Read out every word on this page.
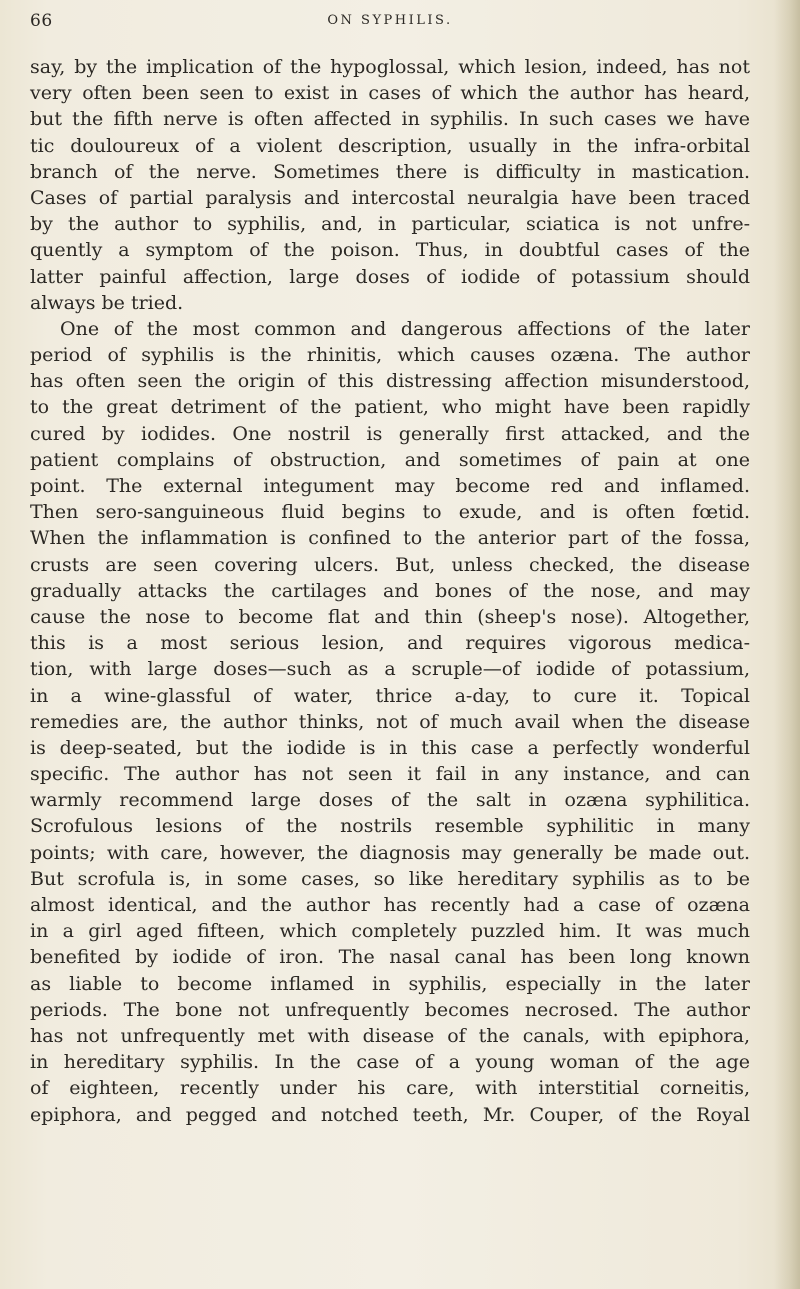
66	ON SYPHILIS.
say, by the implication of the hypoglossal, which lesion, indeed, has not
very often been seen to exist in cases of which the author has heard,
but the fifth nerve is often affected in syphilis. In such cases we have
tic douloureux of a violent description, usually in the infra-orbital
branch of the nerve. Sometimes there is difficulty in mastication.
Cases of partial paralysis and intercostal neuralgia have been traced
by the author to syphilis, and, in particular, sciatica is not unfre-
quently a symptom of the poison. Thus, in doubtful cases of the
latter painful affection, large doses of iodide of potassium should
always be tried.
One of the most common and dangerous affections of the later
period of syphilis is the rhinitis, which causes ozæna. The author
has often seen the origin of this distressing affection misunderstood,
to the great detriment of the patient, who might have been rapidly
cured by iodides. One nostril is generally first attacked, and the
patient complains of obstruction, and sometimes of pain at one
point. The external integument may become red and inflamed.
Then sero-sanguineous fluid begins to exude, and is often fœtid.
When the inflammation is confined to the anterior part of the fossa,
crusts are seen covering ulcers. But, unless checked, the disease
gradually attacks the cartilages and bones of the nose, and may
cause the nose to become flat and thin (sheep's nose). Altogether,
this is a most serious lesion, and requires vigorous medica-
tion, with large doses—such as a scruple—of iodide of potassium,
in a wine-glassful of water, thrice a-day, to cure it. Topical
remedies are, the author thinks, not of much avail when the disease
is deep-seated, but the iodide is in this case a perfectly wonderful
specific. The author has not seen it fail in any instance, and can
warmly recommend large doses of the salt in ozæna syphilitica.
Scrofulous lesions of the nostrils resemble syphilitic in many
points; with care, however, the diagnosis may generally be made out.
But scrofula is, in some cases, so like hereditary syphilis as to be
almost identical, and the author has recently had a case of ozæna
in a girl aged fifteen, which completely puzzled him. It was much
benefited by iodide of iron. The nasal canal has been long known
as liable to become inflamed in syphilis, especially in the later
periods. The bone not unfrequently becomes necrosed. The author
has not unfrequently met with disease of the canals, with epiphora,
in hereditary syphilis. In the case of a young woman of the age
of eighteen, recently under his care, with interstitial corneitis,
epiphora, and pegged and notched teeth, Mr. Couper, of the Royal
